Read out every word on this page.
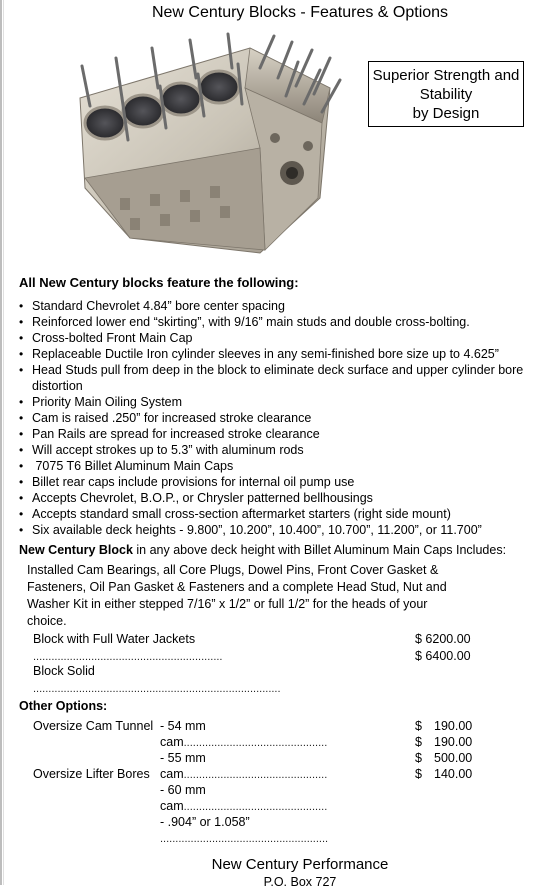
New Century Blocks - Features & Options
Superior Strength and
Stability
by Design
All New Century blocks feature the following:
• Standard Chevrolet 4.84” bore center spacing
• Reinforced lower end “skirting”, with 9/16” main studs and double cross-bolting.
• Cross-bolted Front Main Cap
• Replaceable Ductile Iron cylinder sleeves in any semi-finished bore size up to 4.625”
• Head Studs pull from deep in the block to eliminate deck surface and upper cylinder bore distortion
• Priority Main Oiling System
• Cam is raised .250” for increased stroke clearance
• Pan Rails are spread for increased stroke clearance
• Will accept strokes up to 5.3” with aluminum rods
•  7075 T6 Billet Aluminum Main Caps
• Billet rear caps include provisions for internal oil pump use
• Accepts Chevrolet, B.O.P., or Chrysler patterned bellhousings
• Accepts standard small cross-section aftermarket starters (right side mount)
• Six available deck heights - 9.800”, 10.200”, 10.400”, 10.700”, 11.200”, or 11.700”
New Century Block in any above deck height with Billet Aluminum Main Caps Includes:
Installed Cam Bearings, all Core Plugs, Dowel Pins, Front Cover Gasket &
Fasteners, Oil Pan Gasket & Fasteners and a complete Head Stud, Nut and
Washer Kit in either stepped 7/16” x 1/2” or full 1/2” for the heads of your
choice.
Block with Full Water Jackets	$ 6200.00
..............................................................	$ 6400.00
Block Solid
.................................................................................
Other Options:
Oversize Cam Tunnel - 54 mm
cam...............................................
- 55 mm
Oversize Lifter Bores cam...............................................
- 60 mm
cam...............................................
- .904” or 1.058”
.......................................................
$ 190.00
$ 190.00
$ 500.00
$ 140.00
New Century Performance
P.O. Box 727
